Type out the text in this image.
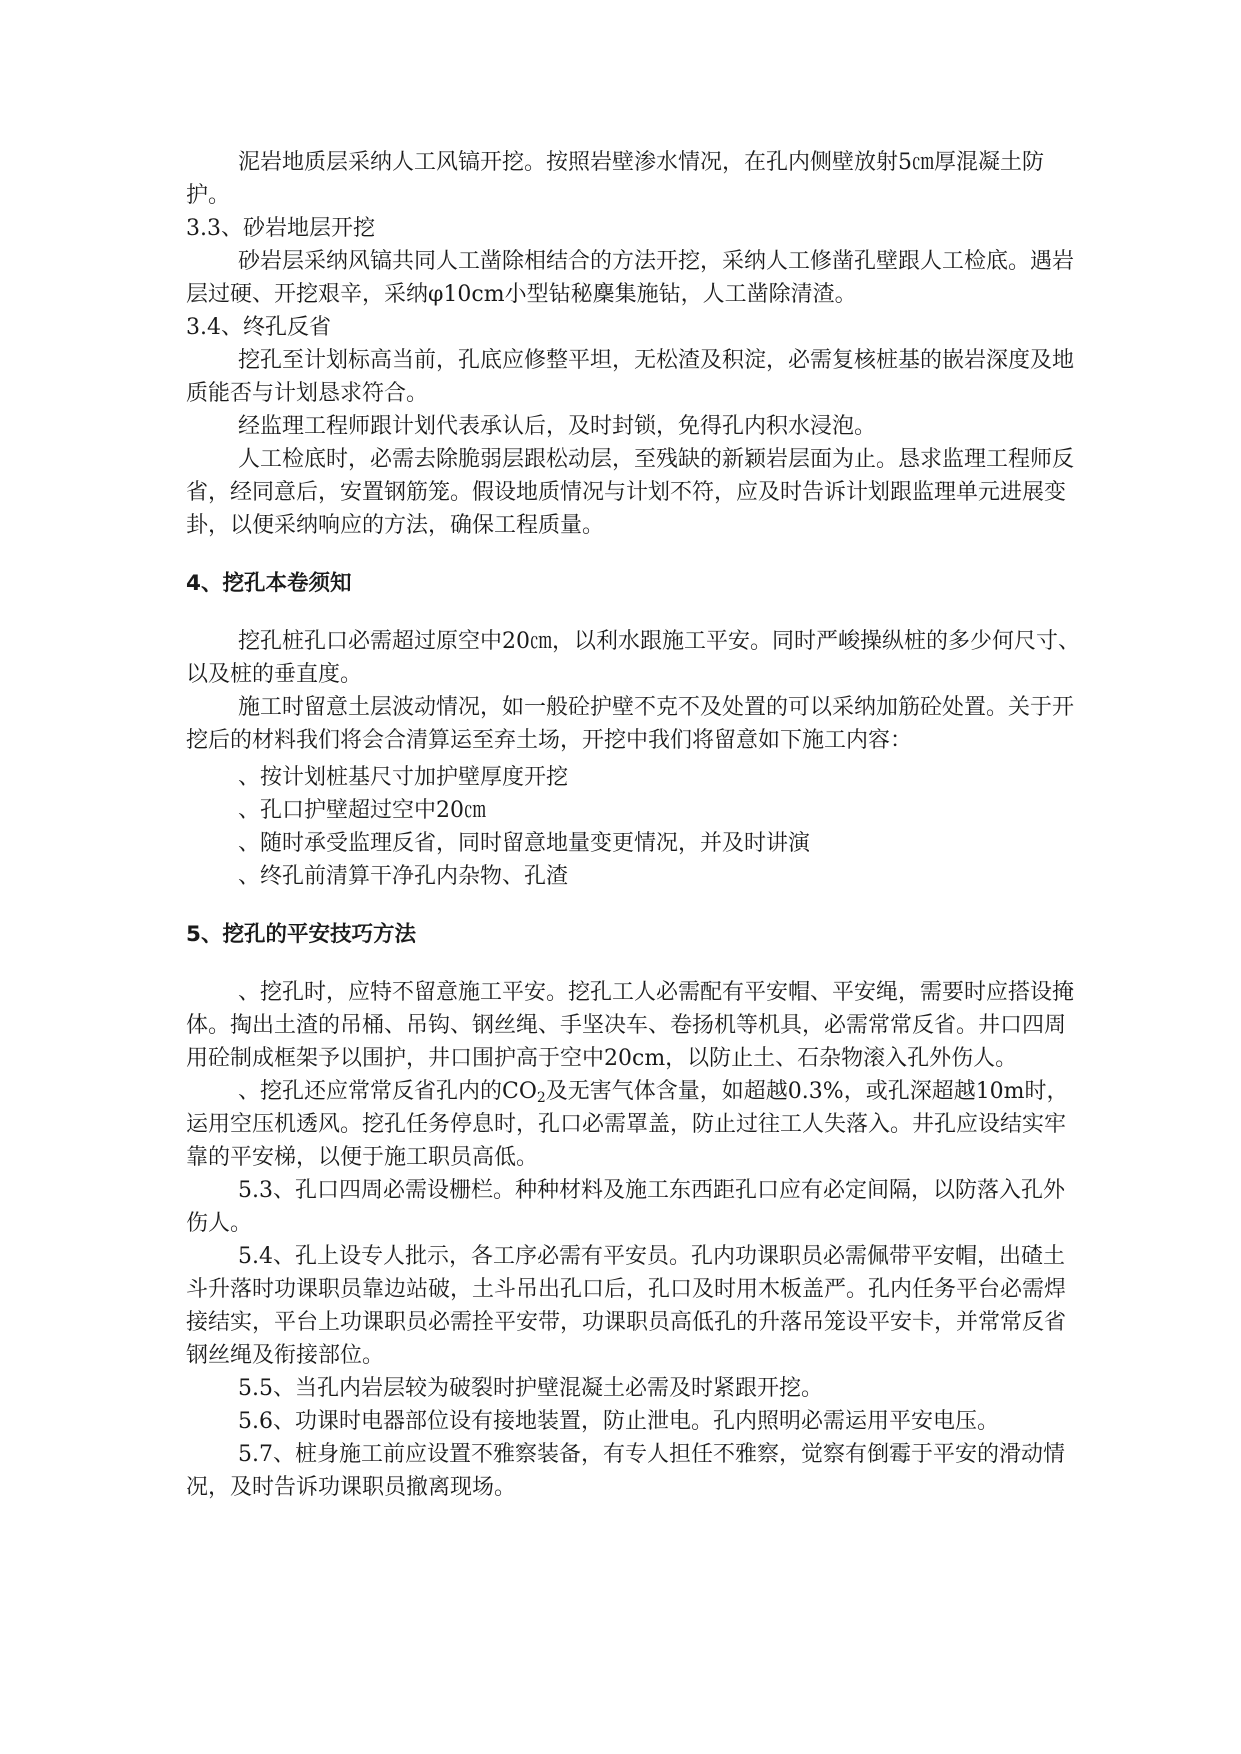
泥岩地质层采纳人工风镐开挖。按照岩壁渗水情况，在孔内侧壁放射5㎝厚混凝土防护。

3.3、砂岩地层开挖

砂岩层采纳风镐共同人工凿除相结合的方法开挖，采纳人工修凿孔壁跟人工检底。遇岩层过硬、开挖艰辛，采纳φ10cm小型钻秘麇集施钻，人工凿除清渣。

3.4、终孔反省

挖孔至计划标高当前，孔底应修整平坦，无松渣及积淀，必需复核桩基的嵌岩深度及地质能否与计划恳求符合。

经监理工程师跟计划代表承认后，及时封锁，免得孔内积水浸泡。

人工检底时，必需去除脆弱层跟松动层，至残缺的新颖岩层面为止。恳求监理工程师反省，经同意后，安置钢筋笼。假设地质情况与计划不符，应及时告诉计划跟监理单元进展变卦，以便采纳响应的方法，确保工程质量。

4、挖孔本卷须知

挖孔桩孔口必需超过原空中20㎝，以利水跟施工平安。同时严峻操纵桩的多少何尺寸、以及桩的垂直度。

施工时留意土层波动情况，如一般砼护壁不克不及处置的可以采纳加筋砼处置。关于开挖后的材料我们将会合清算运至弃土场，开挖中我们将留意如下施工内容：

、按计划桩基尺寸加护壁厚度开挖

、孔口护壁超过空中20㎝

、随时承受监理反省，同时留意地量变更情况，并及时讲演

、终孔前清算干净孔内杂物、孔渣

5、挖孔的平安技巧方法

、挖孔时，应特不留意施工平安。挖孔工人必需配有平安帽、平安绳，需要时应搭设掩体。掏出土渣的吊桶、吊钩、钢丝绳、手坚决车、卷扬机等机具，必需常常反省。井口四周用砼制成框架予以围护，井口围护高于空中20cm，以防止土、石杂物滚入孔外伤人。

、挖孔还应常常反省孔内的$CO_2$及无害气体含量，如超越0.3%，或孔深超越10m时，运用空压机透风。挖孔任务停息时，孔口必需罩盖，防止过往工人失落入。井孔应设结实牢靠的平安梯，以便于施工职员高低。

5.3、孔口四周必需设栅栏。种种材料及施工东西距孔口应有必定间隔，以防落入孔外伤人。

5.4、孔上设专人批示，各工序必需有平安员。孔内功课职员必需佩带平安帽，出碴土斗升落时功课职员靠边站破，土斗吊出孔口后，孔口及时用木板盖严。孔内任务平台必需焊接结实，平台上功课职员必需拴平安带，功课职员高低孔的升落吊笼设平安卡，并常常反省钢丝绳及衔接部位。

5.5、当孔内岩层较为破裂时护壁混凝土必需及时紧跟开挖。

5.6、功课时电器部位设有接地装置，防止泄电。孔内照明必需运用平安电压。

5.7、桩身施工前应设置不雅察装备，有专人担任不雅察，觉察有倒霉于平安的滑动情况，及时告诉功课职员撤离现场。
